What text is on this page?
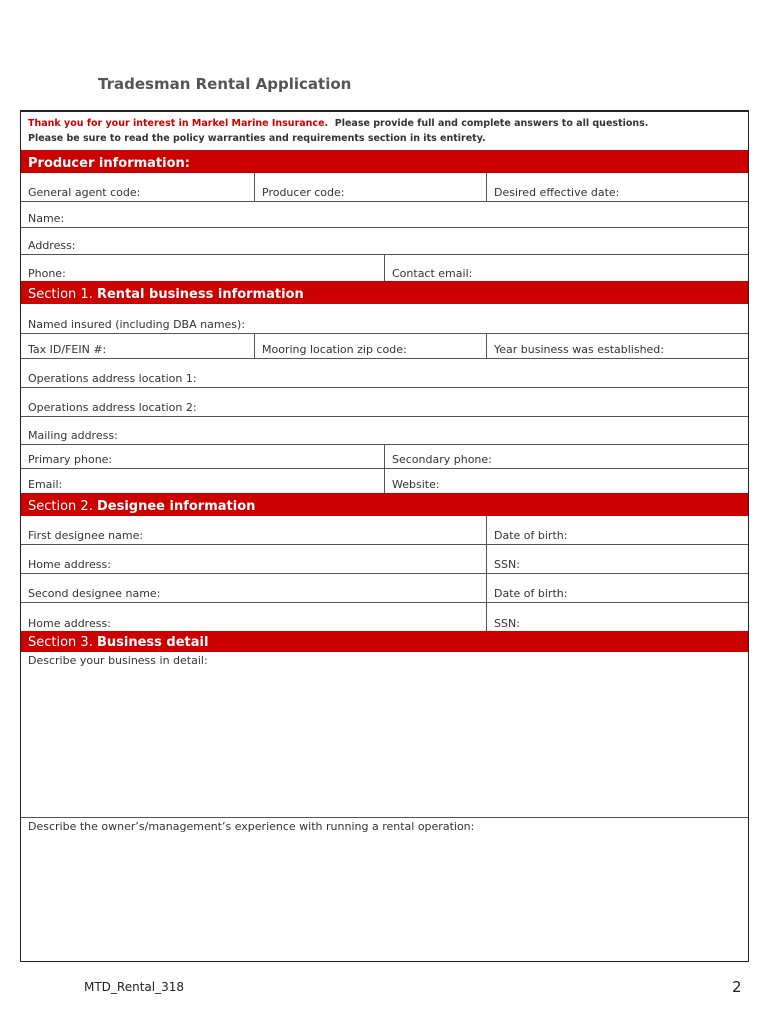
Tradesman Rental Application
Thank you for your interest in Markel Marine Insurance. Please provide full and complete answers to all questions.
Please be sure to read the policy warranties and requirements section in its entirety.
Producer information:
General agent code:	Producer code:	Desired effective date:
Name:
Address:
Phone:	Contact email:
Section 1. Rental business information
Named insured (including DBA names):
Tax ID/FEIN #:	Mooring location zip code:	Year business was established:
Operations address location 1:
Operations address location 2:
Mailing address:
Primary phone:	Secondary phone:
Email:	Website:
Section 2. Designee information
First designee name:	Date of birth:
Home address:	SSN:
Second designee name:	Date of birth:
Home address:	SSN:
Section 3. Business detail
Describe your business in detail:
Describe the owner’s/management’s experience with running a rental operation:
MTD_Rental_318	2
